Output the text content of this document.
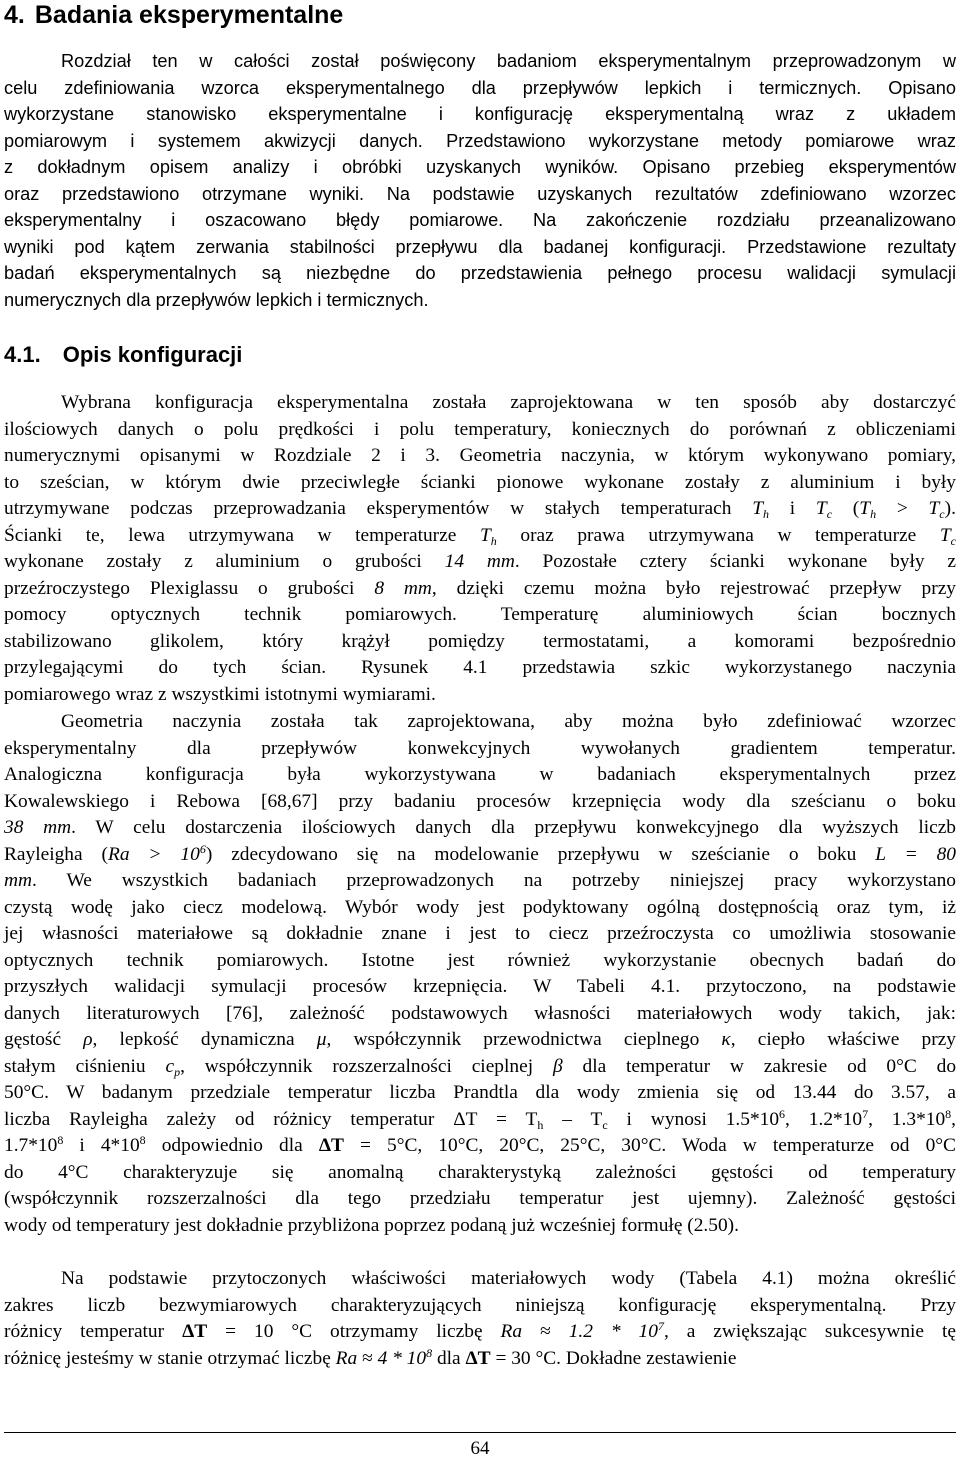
4. Badania eksperymentalne

Rozdział ten w całości został poświęcony badaniom eksperymentalnym przeprowadzonym w
celu zdefiniowania wzorca eksperymentalnego dla przepływów lepkich i termicznych. Opisano
wykorzystane stanowisko eksperymentalne i konfigurację eksperymentalną wraz z układem
pomiarowym i systemem akwizycji danych. Przedstawiono wykorzystane metody pomiarowe wraz
z dokładnym opisem analizy i obróbki uzyskanych wyników. Opisano przebieg eksperymentów
oraz przedstawiono otrzymane wyniki. Na podstawie uzyskanych rezultatów zdefiniowano wzorzec
eksperymentalny i oszacowano błędy pomiarowe. Na zakończenie rozdziału przeanalizowano
wyniki pod kątem zerwania stabilności przepływu dla badanej konfiguracji. Przedstawione rezultaty
badań eksperymentalnych są niezbędne do przedstawienia pełnego procesu walidacji symulacji
numerycznych dla przepływów lepkich i termicznych.

4.1. Opis konfiguracji

Wybrana konfiguracja eksperymentalna została zaprojektowana w ten sposób aby dostarczyć
ilościowych danych o polu prędkości i polu temperatury, koniecznych do porównań z obliczeniami
numerycznymi opisanymi w Rozdziale 2 i 3. Geometria naczynia, w którym wykonywano pomiary,
to sześcian, w którym dwie przeciwległe ścianki pionowe wykonane zostały z aluminium i były
utrzymywane podczas przeprowadzania eksperymentów w stałych temperaturach $T_h$ i $T_c$ $(T_h > T_c)$.
Ścianki te, lewa utrzymywana w temperaturze $T_h$ oraz prawa utrzymywana w temperaturze $T_c$
wykonane zostały z aluminium o grubości 14 mm. Pozostałe cztery ścianki wykonane były z
przeźroczystego Plexiglassu o grubości 8 mm, dzięki czemu można było rejestrować przepływ przy
pomocy optycznych technik pomiarowych. Temperaturę aluminiowych ścian bocznych
stabilizowano glikolem, który krążył pomiędzy termostatami, a komorami bezpośrednio
przylegającymi do tych ścian. Rysunek 4.1 przedstawia szkic wykorzystanego naczynia
pomiarowego wraz z wszystkimi istotnymi wymiarami.

Geometria naczynia została tak zaprojektowana, aby można było zdefiniować wzorzec
eksperymentalny dla przepływów konwekcyjnych wywołanych gradientem temperatur.
Analogiczna konfiguracja była wykorzystywana w badaniach eksperymentalnych przez
Kowalewskiego i Rebowa [68,67] przy badaniu procesów krzepnięcia wody dla sześcianu o boku
38 mm. W celu dostarczenia ilościowych danych dla przepływu konwekcyjnego dla wyższych liczb
Rayleigha $(Ra > 10^6)$ zdecydowano się na modelowanie przepływu w sześcianie o boku L = 80
mm. We wszystkich badaniach przeprowadzonych na potrzeby niniejszej pracy wykorzystano
czystą wodę jako ciecz modelową. Wybór wody jest podyktowany ogólną dostępnością oraz tym, iż
jej własności materiałowe są dokładnie znane i jest to ciecz przeźroczysta co umożliwia stosowanie
optycznych technik pomiarowych. Istotne jest również wykorzystanie obecnych badań do
przyszłych walidacji symulacji procesów krzepnięcia. W Tabeli 4.1. przytoczono, na podstawie
danych literaturowych [76], zależność podstawowych własności materiałowych wody takich, jak:
gęstość ρ, lepkość dynamiczna μ, współczynnik przewodnictwa cieplnego κ, ciepło właściwe przy
stałym ciśnieniu $c_p$, współczynnik rozszerzalności cieplnej β dla temperatur w zakresie od 0°C do
50°C. W badanym przedziale temperatur liczba Prandtla dla wody zmienia się od 13.44 do 3.57, a
liczba Rayleigha zależy od różnicy temperatur $\Delta T = T_h - T_c$ i wynosi $1.5*10^6$, $1.2*10^7$, $1.3*10^8$,
$1.7*10^8$ i $4*10^8$ odpowiednio dla ΔT = 5°C, 10°C, 20°C, 25°C, 30°C. Woda w temperaturze od 0°C
do 4°C charakteryzuje się anomalną charakterystyką zależności gęstości od temperatury
(współczynnik rozszerzalności dla tego przedziału temperatur jest ujemny). Zależność gęstości
wody od temperatury jest dokładnie przybliżona poprzez podaną już wcześniej formułę (2.50).

Na podstawie przytoczonych właściwości materiałowych wody (Tabela 4.1) można określić
zakres liczb bezwymiarowych charakteryzujących niniejszą konfigurację eksperymentalną. Przy
różnicy temperatur ΔT = 10 °C otrzymamy liczbę $Ra \approx 1.2 * 10^7$, a zwiększając sukcesywnie tę
różnicę jesteśmy w stanie otrzymać liczbę $Ra \approx 4 * 10^8$ dla ΔT = 30 °C. Dokładne zestawienie

64
